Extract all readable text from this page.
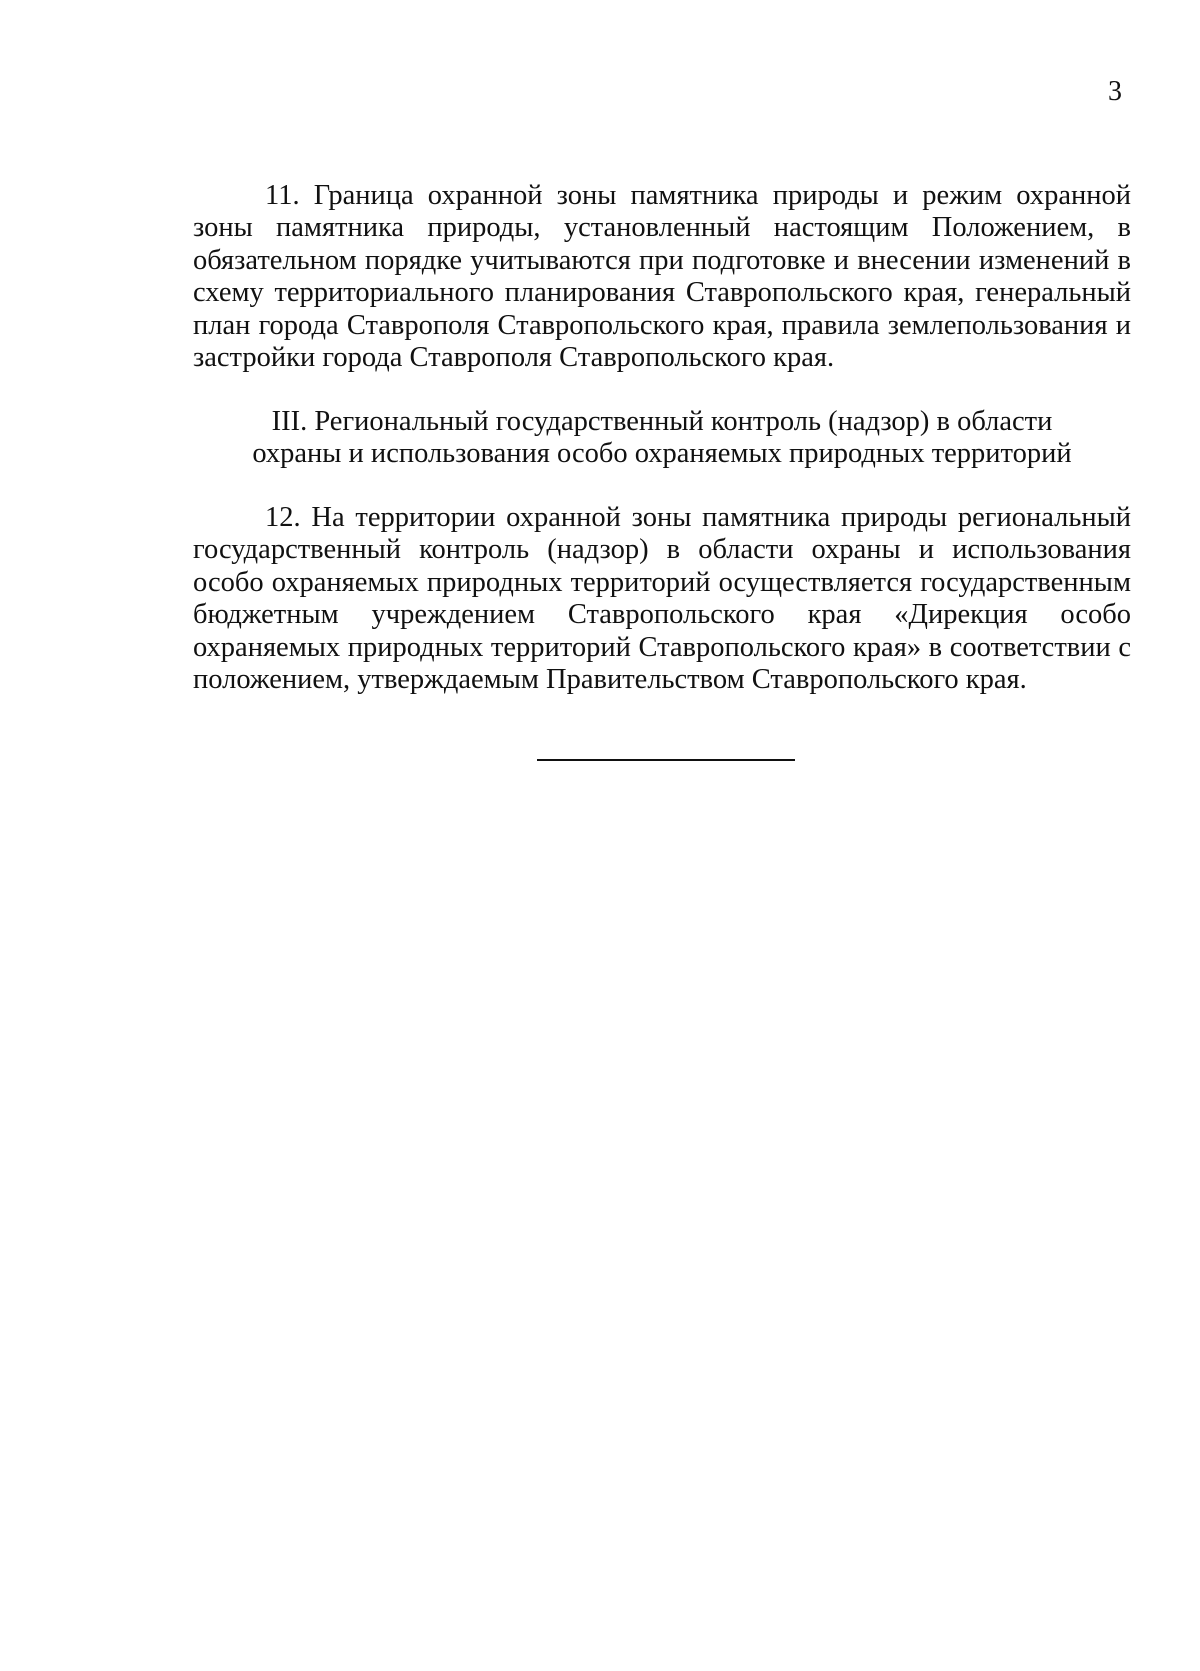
3

11. Граница охранной зоны памятника природы и режим охранной зоны памятника природы, установленный настоящим Положением, в обязательном порядке учитываются при подготовке и внесении изменений в схему территориального планирования Ставропольского края, генеральный план города Ставрополя Ставропольского края, правила землепользования и застройки города Ставрополя Ставропольского края.

III. Региональный государственный контроль (надзор) в области
охраны и использования особо охраняемых природных территорий

12. На территории охранной зоны памятника природы региональный государственный контроль (надзор) в области охраны и использования особо охраняемых природных территорий осуществляется государственным бюджетным учреждением Ставропольского края «Дирекция особо охраняемых природных территорий Ставропольского края» в соответствии с положением, утверждаемым Правительством Ставропольского края.
